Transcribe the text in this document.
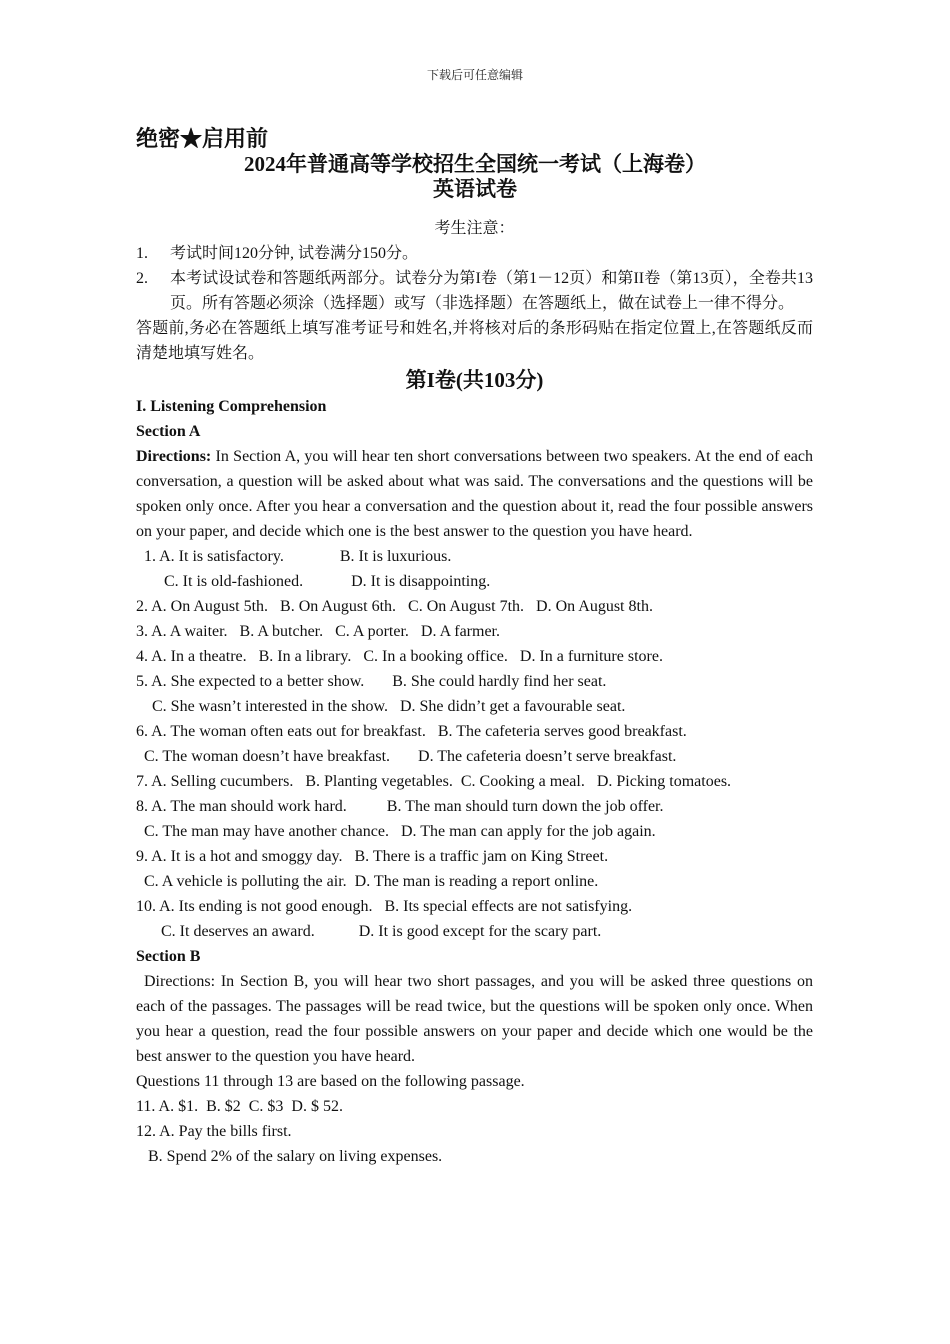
下载后可任意编辑
绝密★启用前
2024年普通高等学校招生全国统一考试（上海卷）
英语试卷
考生注意：
1.	考试时间120分钟, 试卷满分150分。
2.	本考试设试卷和答题纸两部分。试卷分为第I卷（第1－12页）和第II卷（第13页），全卷共13页。所有答题必须涂（选择题）或写（非选择题）在答题纸上，做在试卷上一律不得分。
答题前,务必在答题纸上填写准考证号和姓名,并将核对后的条形码贴在指定位置上,在答题纸反而清楚地填写姓名。
第I卷(共103分)
I. Listening Comprehension
Section A
Directions: In Section A, you will hear ten short conversations between two speakers. At the end of each conversation, a question will be asked about what was said. The conversations and the questions will be spoken only once. After you hear a conversation and the question about it, read the four possible answers on your paper, and decide which one is the best answer to the question you have heard.
1. A. It is satisfactory.              B. It is luxurious.
C. It is old-fashioned.            D. It is disappointing.
2. A. On August 5th.   B. On August 6th.   C. On August 7th.   D. On August 8th.
3. A. A waiter.   B. A butcher.   C. A porter.   D. A farmer.
4. A. In a theatre.   B. In a library.   C. In a booking office.   D. In a furniture store.
5. A. She expected to a better show.       B. She could hardly find her seat.
C. She wasn’t interested in the show.   D. She didn’t get a favourable seat.
6. A. The woman often eats out for breakfast.   B. The cafeteria serves good breakfast.
C. The woman doesn’t have breakfast.       D. The cafeteria doesn’t serve breakfast.
7. A. Selling cucumbers.   B. Planting vegetables.  C. Cooking a meal.   D. Picking tomatoes.
8. A. The man should work hard.          B. The man should turn down the job offer.
C. The man may have another chance.   D. The man can apply for the job again.
9. A. It is a hot and smoggy day.   B. There is a traffic jam on King Street.
C. A vehicle is polluting the air.  D. The man is reading a report online.
10. A. Its ending is not good enough.   B. Its special effects are not satisfying.
C. It deserves an award.           D. It is good except for the scary part.
Section B
Directions: In Section B, you will hear two short passages, and you will be asked three questions on each of the passages. The passages will be read twice, but the questions will be spoken only once. When you hear a question, read the four possible answers on your paper and decide which one would be the best answer to the question you have heard.
Questions 11 through 13 are based on the following passage.
11. A. $1.  B. $2  C. $3  D. $ 52.
12. A. Pay the bills first.
B. Spend 2% of the salary on living expenses.
